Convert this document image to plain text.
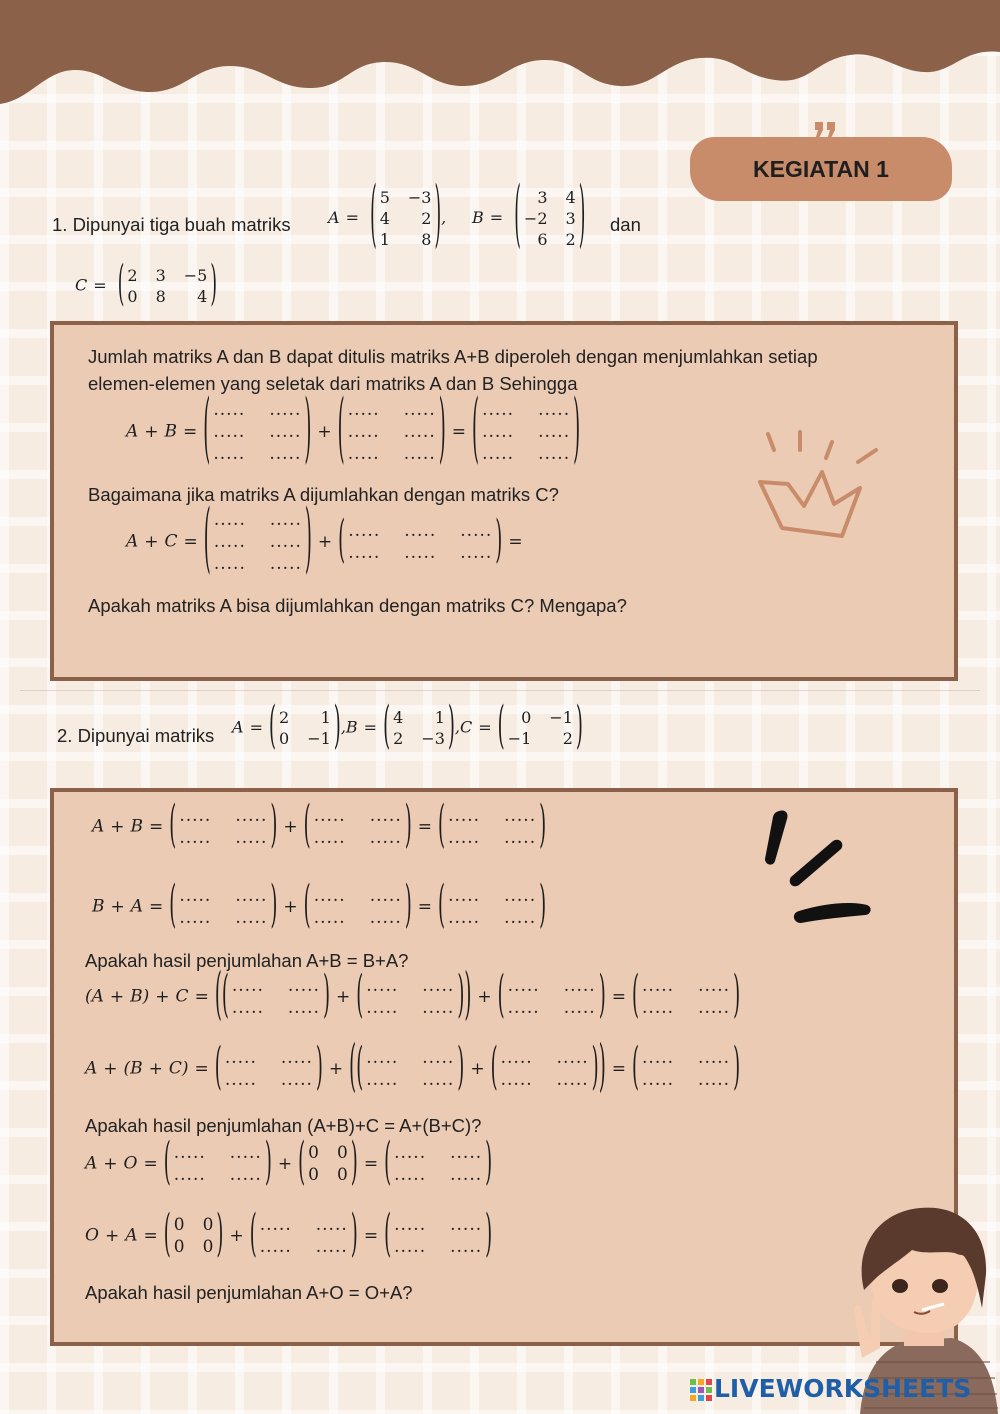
KEGIATAN 1
1. Dipunyai tiga buah matriks A = ( 5 −3
4	2
1	8 ) , B = (	3 4
−2 3
6 2 ) dan
C = ( 2 3 −5
0 8	4 )
Jumlah matriks A dan B dapat ditulis matriks A+B diperoleh dengan menjumlahkan setiap
elemen-elemen yang seletak dari matriks A dan B Sehingga
A + B = ( ..... .....
..... .....
..... ..... ) + ( ..... .....
..... .....
..... ..... ) = ( ..... .....
..... .....
..... ..... )
Bagaimana jika matriks A dijumlahkan dengan matriks C?
A + C = ( ..... .....
..... .....
..... ..... ) + ( ..... ..... .....
..... ..... ..... ) =
Apakah matriks A bisa dijumlahkan dengan matriks C? Mengapa?
2. Dipunyai matriks A = ( 2	1
0 −1 ) ,B = ( 4	1
2 −3 ) ,C = (	0 −1
−1	2 )
A + B = ( ..... .....
..... ..... ) + ( ..... .....
..... ..... ) = ( ..... .....
..... ..... )
B + A = ( ..... .....
..... ..... ) + ( ..... .....
..... ..... ) = ( ..... .....
..... ..... )
Apakah hasil penjumlahan A+B = B+A?
(A + B) + C = ( ( ..... .....
..... ..... ) + ( ..... .....
..... ..... ) ) + ( ..... .....
..... ..... ) = ( ..... .....
..... ..... )
A + (B + C) = ( ..... .....
..... ..... ) + ( ( ..... .....
..... ..... ) + ( ..... .....
..... ..... ) ) = ( ..... .....
..... ..... )
Apakah hasil penjumlahan (A+B)+C = A+(B+C)?
A + O = ( ..... .....
..... ..... ) + ( 0 0
0 0 ) = ( ..... .....
..... ..... )
O + A = ( 0 0
0 0 ) + ( ..... .....
..... ..... ) = ( ..... .....
..... ..... )
Apakah hasil penjumlahan A+O = O+A?
LIVEWORKSHEETS
